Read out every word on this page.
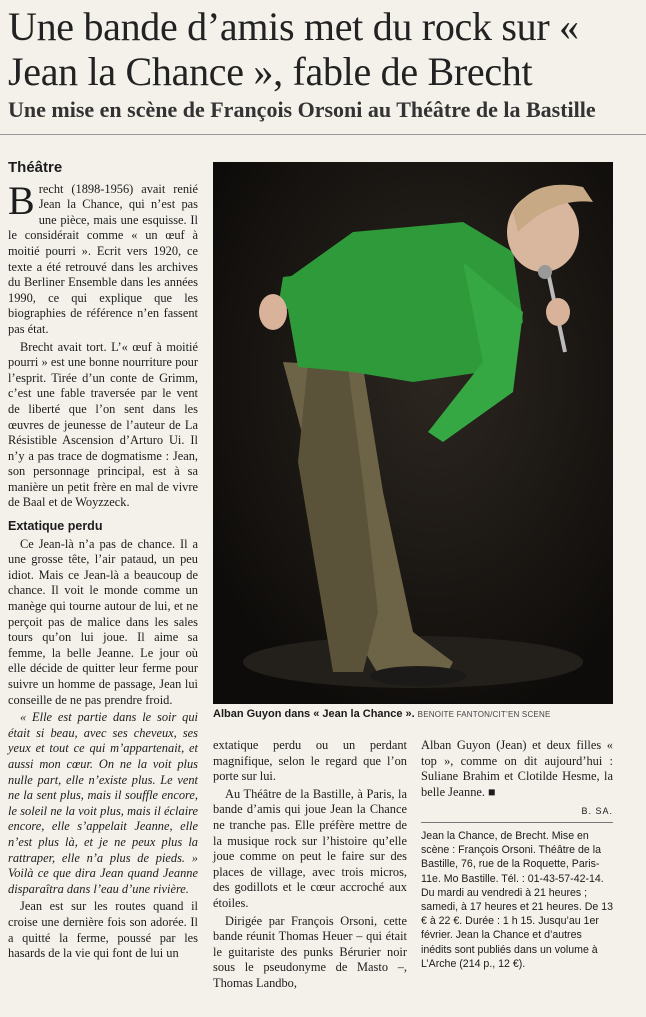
Une bande d’amis met du rock sur « Jean la Chance », fable de Brecht
Une mise en scène de François Orsoni au Théâtre de la Bastille
Théâtre

Brecht (1898-1956) avait renié Jean la Chance, qui n’est pas une pièce, mais une esquisse. Il le considérait comme « un œuf à moitié pourri ». Ecrit vers 1920, ce texte a été retrouvé dans les archives du Berliner Ensemble dans les années 1990, ce qui explique que les biographies de référence n’en fassent pas état.

Brecht avait tort. L’« œuf à moitié pourri » est une bonne nourriture pour l’esprit. Tirée d’un conte de Grimm, c’est une fable traversée par le vent de liberté que l’on sent dans les œuvres de jeunesse de l’auteur de La Résistible Ascension d’Arturo Ui. Il n’y a pas trace de dogmatisme : Jean, son personnage principal, est à sa manière un petit frère en mal de vivre de Baal et de Woyzzeck.

Extatique perdu

Ce Jean-là n’a pas de chance. Il a une grosse tête, l’air pataud, un peu idiot. Mais ce Jean-là a beaucoup de chance. Il voit le monde comme un manège qui tourne autour de lui, et ne perçoit pas de malice dans les sales tours qu’on lui joue. Il aime sa femme, la belle Jeanne. Le jour où elle décide de quitter leur ferme pour suivre un homme de passage, Jean lui conseille de ne pas prendre froid.

« Elle est partie dans le soir qui était si beau, avec ses cheveux, ses yeux et tout ce qui m’appartenait, et aussi mon cœur. On ne la voit plus nulle part, elle n’existe plus. Le vent ne la sent plus, mais il souffle encore, le soleil ne la voit plus, mais il éclaire encore, elle s’appelait Jeanne, elle n’est plus là, et je ne peux plus la rattraper, elle n’a plus de pieds. » Voilà ce que dira Jean quand Jeanne disparaîtra dans l’eau d’une rivière.

Jean est sur les routes quand il croise une dernière fois son adorée. Il a quitté la ferme, poussé par les hasards de la vie qui font de lui un

Alban Guyon dans « Jean la Chance ». BENOITE FANTON/CIT’EN SCENE

extatique perdu ou un perdant magnifique, selon le regard que l’on porte sur lui.

Au Théâtre de la Bastille, à Paris, la bande d’amis qui joue Jean la Chance ne tranche pas. Elle préfère mettre de la musique rock sur l’histoire qu’elle joue comme on peut le faire sur des places de village, avec trois micros, des godillots et le cœur accroché aux étoiles.

Dirigée par François Orsoni, cette bande réunit Thomas Heuer – qui était le guitariste des punks Bérurier noir sous le pseudonyme de Masto –, Thomas Landbo,

Alban Guyon (Jean) et deux filles « top », comme on dit aujourd’hui : Suliane Brahim et Clotilde Hesme, la belle Jeanne. ■

B. SA.
Jean la Chance, de Brecht. Mise en scène : François Orsoni. Théâtre de la Bastille, 76, rue de la Roquette, Paris-11e. Mo Bastille. Tél. : 01-43-57-42-14. Du mardi au vendredi à 21 heures ; samedi, à 17 heures et 21 heures. De 13 € à 22 €. Durée : 1 h 15. Jusqu’au 1er février. Jean la Chance et d’autres inédits sont publiés dans un volume à L’Arche (214 p., 12 €).
